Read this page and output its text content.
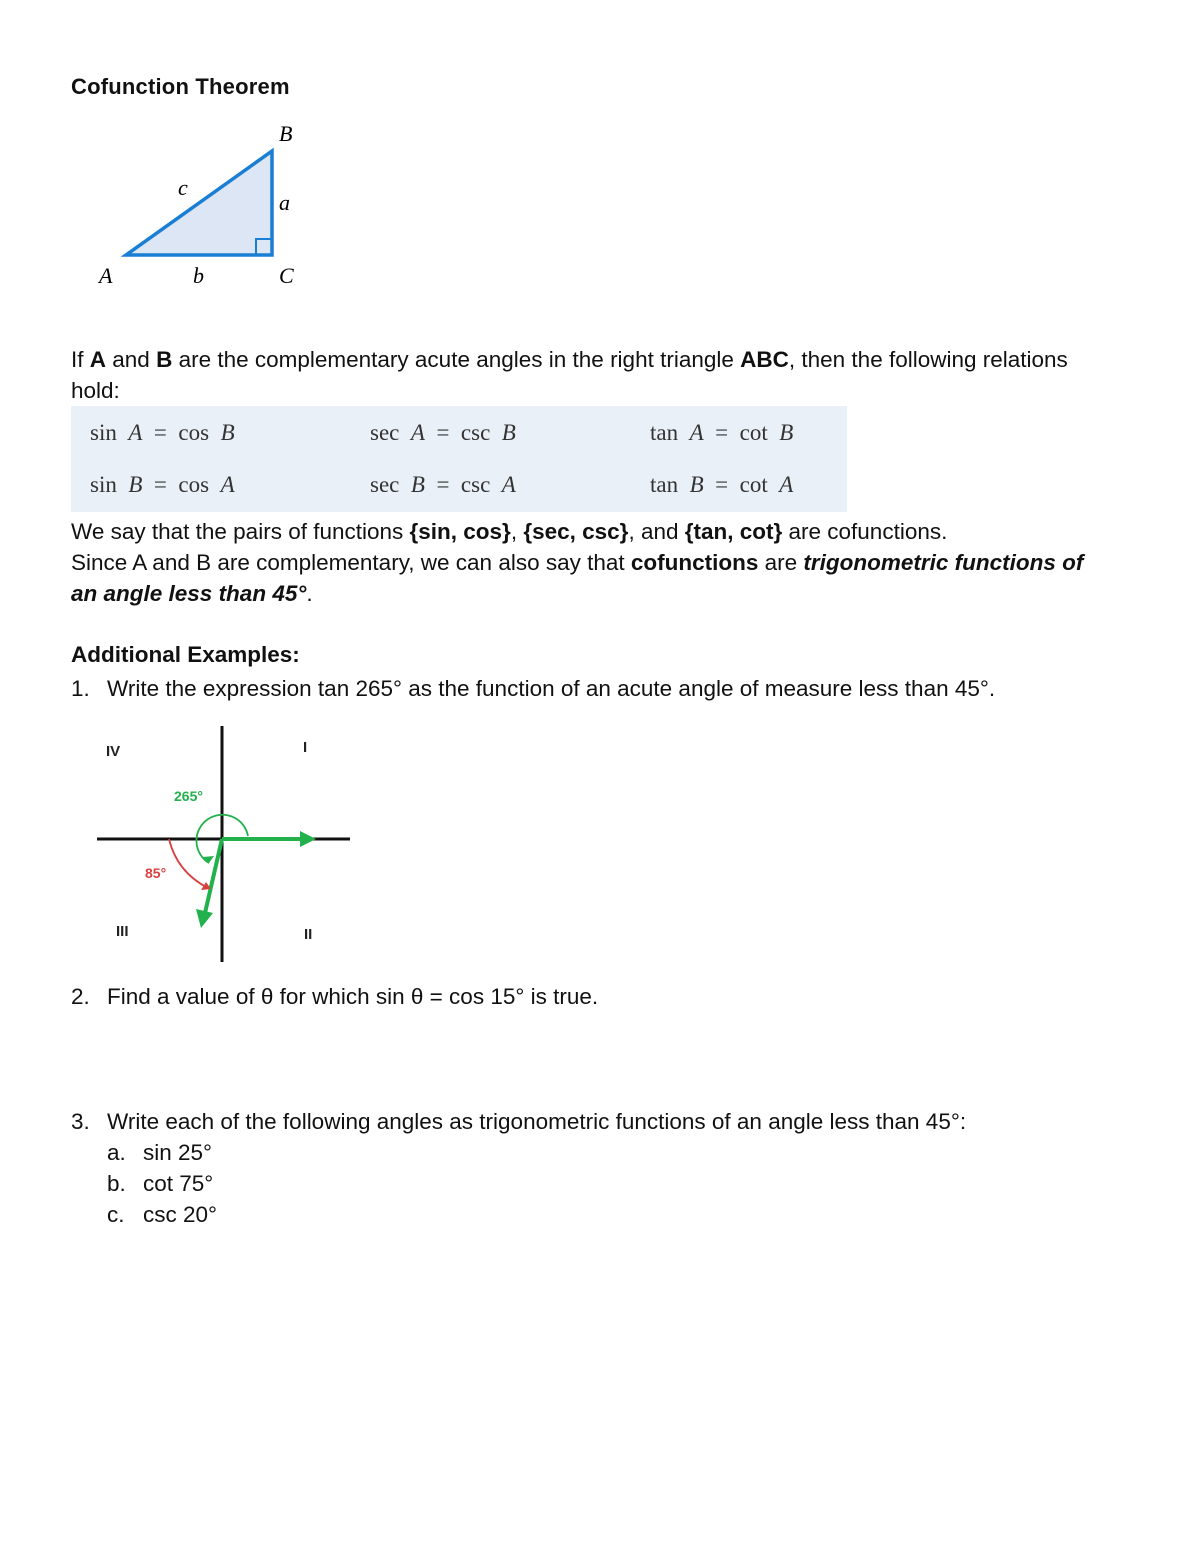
Cofunction Theorem
B
c
a
A	b	C
If A and B are the complementary acute angles in the right triangle ABC, then the following relations
hold:
sin A = cos B	sec A = csc B	tan A = cot B
sin B = cos A	sec B = csc A	tan B = cot A
We say that the pairs of functions {sin, cos}, {sec, csc}, and {tan, cot} are cofunctions.
Since A and B are complementary, we can also say that cofunctions are trigonometric functions of
an angle less than 45°.
Additional Examples:
1. Write the expression tan 265° as the function of an acute angle of measure less than 45°.
IV	I
III	II
265°
85°
2. Find a value of θ for which sin θ = cos 15° is true.
3. Write each of the following angles as trigonometric functions of an angle less than 45°:
a. sin 25°
b. cot 75°
c. csc 20°
